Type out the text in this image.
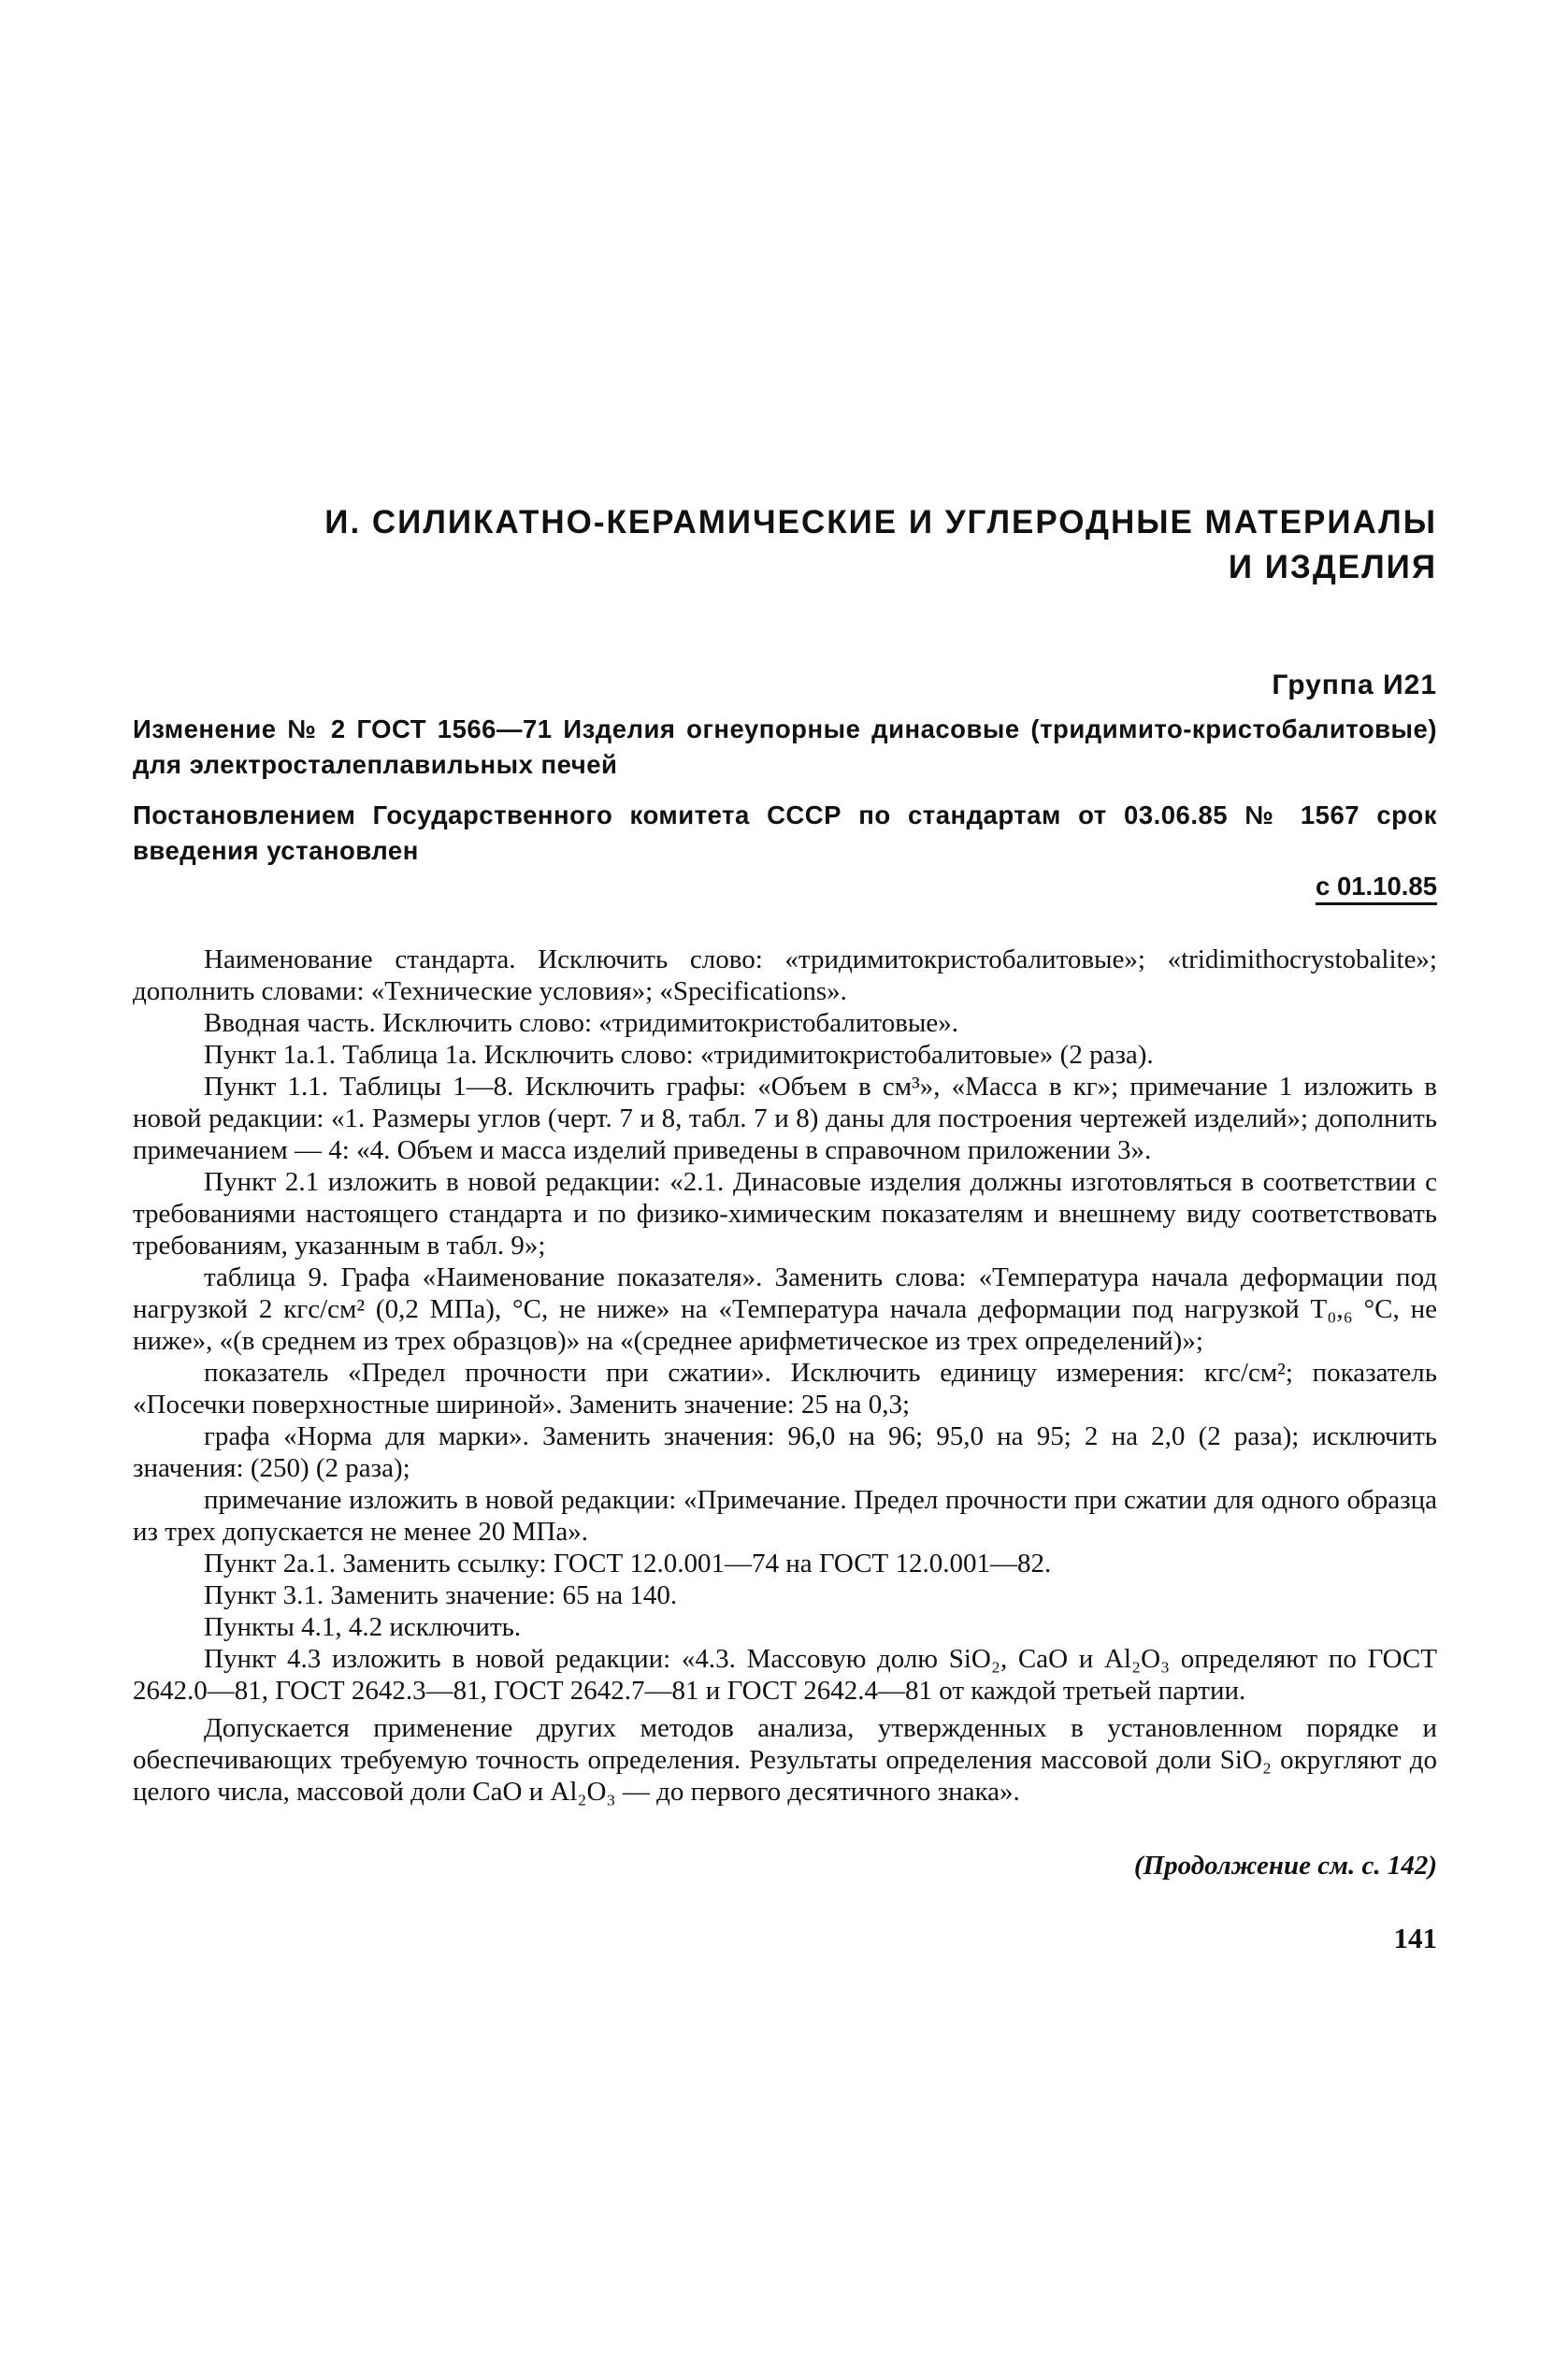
И. СИЛИКАТНО-КЕРАМИЧЕСКИЕ И УГЛЕРОДНЫЕ МАТЕРИАЛЫ
И ИЗДЕЛИЯ
Группа И21
Изменение № 2 ГОСТ 1566—71 Изделия огнеупорные динасовые (тридимито-кристобалитовые) для электросталеплавильных печей
Постановлением Государственного комитета СССР по стандартам от 03.06.85 № 1567 срок введения установлен
с 01.10.85

Наименование стандарта. Исключить слово: «тридимитокристобалитовые»; «tridimithocrystobalite»; дополнить словами: «Технические условия»; «Specifications».

Вводная часть. Исключить слово: «тридимитокристобалитовые».

Пункт 1а.1. Таблица 1а. Исключить слово: «тридимитокристобалитовые» (2 раза).

Пункт 1.1. Таблицы 1—8. Исключить графы: «Объем в см³», «Масса в кг»; примечание 1 изложить в новой редакции: «1. Размеры углов (черт. 7 и 8, табл. 7 и 8) даны для построения чертежей изделий»; дополнить примечанием — 4: «4. Объем и масса изделий приведены в справочном приложении 3».

Пункт 2.1 изложить в новой редакции: «2.1. Динасовые изделия должны изготовляться в соответствии с требованиями настоящего стандарта и по физико-химическим показателям и внешнему виду соответствовать требованиям, указанным в табл. 9»;

таблица 9. Графа «Наименование показателя». Заменить слова: «Температура начала деформации под нагрузкой 2 кгс/см² (0,2 МПа), °С, не ниже» на «Температура начала деформации под нагрузкой T₀,₆ °С, не ниже», «(в среднем из трех образцов)» на «(среднее арифметическое из трех определений)»;

показатель «Предел прочности при сжатии». Исключить единицу измерения: кгс/см²; показатель «Посечки поверхностные шириной». Заменить значение: 25 на 0,3;

графа «Норма для марки». Заменить значения: 96,0 на 96; 95,0 на 95; 2 на 2,0 (2 раза); исключить значения: (250) (2 раза);

примечание изложить в новой редакции: «Примечание. Предел прочности при сжатии для одного образца из трех допускается не менее 20 МПа».

Пункт 2а.1. Заменить ссылку: ГОСТ 12.0.001—74 на ГОСТ 12.0.001—82.

Пункт 3.1. Заменить значение: 65 на 140.

Пункты 4.1, 4.2 исключить.

Пункт 4.3 изложить в новой редакции: «4.3. Массовую долю SiO₂, CaO и Al₂O₃ определяют по ГОСТ 2642.0—81, ГОСТ 2642.3—81, ГОСТ 2642.7—81 и ГОСТ 2642.4—81 от каждой третьей партии.

Допускается применение других методов анализа, утвержденных в установленном порядке и обеспечивающих требуемую точность определения. Результаты определения массовой доли SiO₂ округляют до целого числа, массовой доли CaO и Al₂O₃ — до первого десятичного знака».

(Продолжение см. с. 142)
141
